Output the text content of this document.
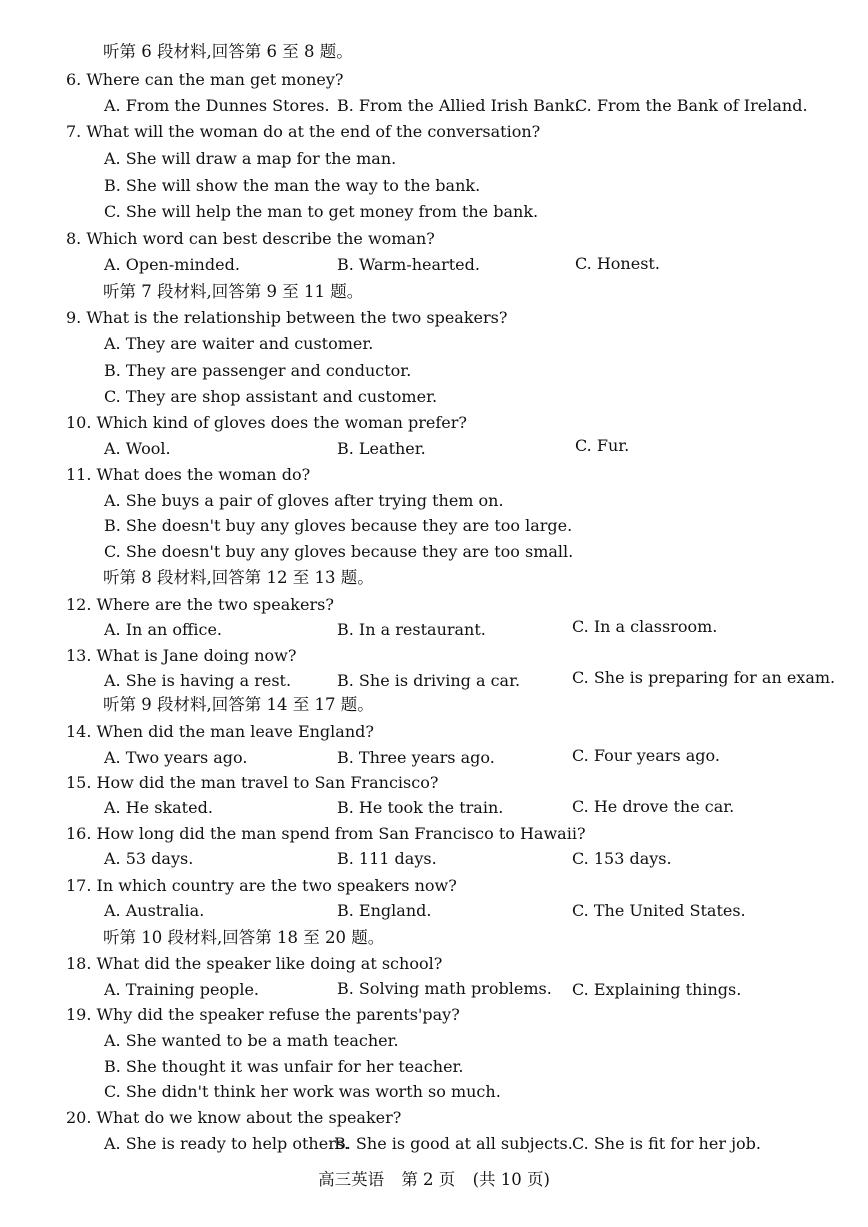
听第 6 段材料,回答第 6 至 8 题。
6. Where can the man get money?
A. From the Dunnes Stores. B. From the Allied Irish Bank.
C. From the Bank of Ireland.
7. What will the woman do at the end of the conversation?
A. She will draw a map for the man.
B. She will show the man the way to the bank.
C. She will help the man to get money from the bank.
8. Which word can best describe the woman?
A. Open-minded.	B. Warm-hearted.	C. Honest.
听第 7 段材料,回答第 9 至 11 题。
9. What is the relationship between the two speakers?
A. They are waiter and customer.
B. They are passenger and conductor.
C. They are shop assistant and customer.
10. Which kind of gloves does the woman prefer?
A. Wool.	B. Leather.	C. Fur.
11. What does the woman do?
A. She buys a pair of gloves after trying them on.
B. She doesn't buy any gloves because they are too large.
C. She doesn't buy any gloves because they are too small.
听第 8 段材料,回答第 12 至 13 题。
12. Where are the two speakers?
A. In an office.	B. In a restaurant.	C. In a classroom.
13. What is Jane doing now?
A. She is having a rest.	B. She is driving a car.	C. She is preparing for an exam.
听第 9 段材料,回答第 14 至 17 题。
14. When did the man leave England?
A. Two years ago.	B. Three years ago.	C. Four years ago.
15. How did the man travel to San Francisco?
A. He skated.	B. He took the train.	C. He drove the car.
16. How long did the man spend from San Francisco to Hawaii?
A. 53 days.	B. 111 days.	C. 153 days.
17. In which country are the two speakers now?
A. Australia.	B. England.	C. The United States.
听第 10 段材料,回答第 18 至 20 题。
18. What did the speaker like doing at school?
A. Training people.	B. Solving math problems. C. Explaining things.
19. Why did the speaker refuse the parents'pay?
A. She wanted to be a math teacher.
B. She thought it was unfair for her teacher.
C. She didn't think her work was worth so much.
20. What do we know about the speaker?
A. She is ready to help others.
B. She is good at all subjects. C. She is fit for her job.
高三英语 第 2 页 (共 10 页)
